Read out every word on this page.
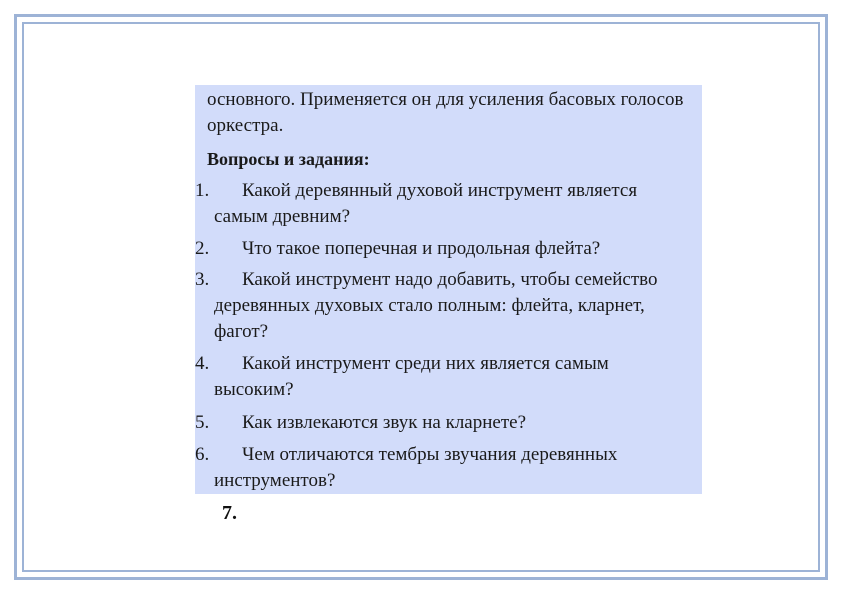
основного. Применяется он для усиления басовых голосов оркестра.

Вопросы и задания:

1.	Какой деревянный духовой инструмент является самым древним?
2.	Что такое поперечная и продольная флейта?
3.	Какой инструмент надо добавить, чтобы семейство деревянных духовых стало полным: флейта, кларнет, фагот?
4.	Какой инструмент среди них является самым высоким?
5.	Как извлекаются звук на кларнете?
6.	Чем отличаются тембры звучания деревянных инструментов?
7.
